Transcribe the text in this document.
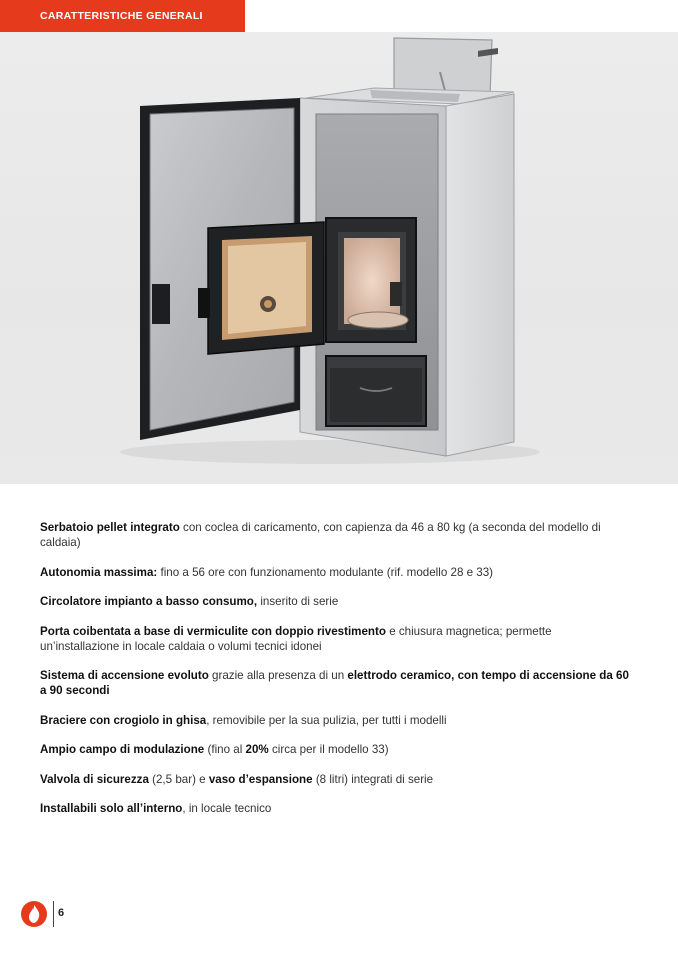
CARATTERISTICHE GENERALI

Serbatoio pellet integrato con coclea di caricamento, con capienza da 46 a 80 kg (a seconda del modello di caldaia)

Autonomia massima: fino a 56 ore con funzionamento modulante (rif. modello 28 e 33)

Circolatore impianto a basso consumo, inserito di serie

Porta coibentata a base di vermiculite con doppio rivestimento e chiusura magnetica; permette un’installazione in locale caldaia o volumi tecnici idonei

Sistema di accensione evoluto grazie alla presenza di un elettrodo ceramico, con tempo di accensione da 60 a 90 secondi

Braciere con crogiolo in ghisa, removibile per la sua pulizia, per tutti i modelli

Ampio campo di modulazione (fino al 20% circa per il modello 33)

Valvola di sicurezza (2,5 bar) e vaso d’espansione (8 litri) integrati di serie

Installabili solo all’interno, in locale tecnico

6
